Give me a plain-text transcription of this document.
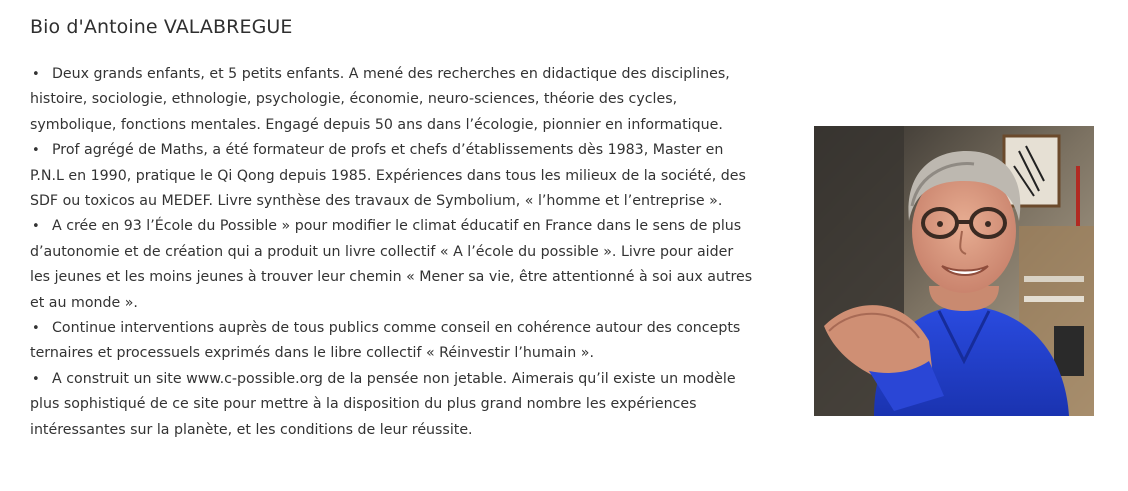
Bio d'Antoine VALABREGUE
• Deux grands enfants, et 5 petits enfants. A mené des recherches en didactique des disciplines, histoire, sociologie, ethnologie, psychologie, économie, neuro-sciences, théorie des cycles, symbolique, fonctions mentales. Engagé depuis 50 ans dans l’écologie, pionnier en informatique.
• Prof agrégé de Maths, a été formateur de profs et chefs d’établissements dès 1983, Master en P.N.L en 1990, pratique le Qi Qong depuis 1985. Expériences dans tous les milieux de la société, des SDF ou toxicos au MEDEF. Livre synthèse des travaux de Symbolium, « l’homme et l’entreprise ».
• A crée en 93 l’École du Possible » pour modifier le climat éducatif en France dans le sens de plus d’autonomie et de création qui a produit un livre collectif « A l’école du possible ». Livre pour aider les jeunes et les moins jeunes à trouver leur chemin « Mener sa vie, être attentionné à soi aux autres et au monde ».
• Continue interventions auprès de tous publics comme conseil en cohérence autour des concepts ternaires et processuels exprimés dans le libre collectif « Réinvestir l’humain ».
• A construit un site www.c-possible.org de la pensée non jetable. Aimerais qu’il existe un modèle plus sophistiqué de ce site pour mettre à la disposition du plus grand nombre les expériences intéressantes sur la planète, et les conditions de leur réussite.
